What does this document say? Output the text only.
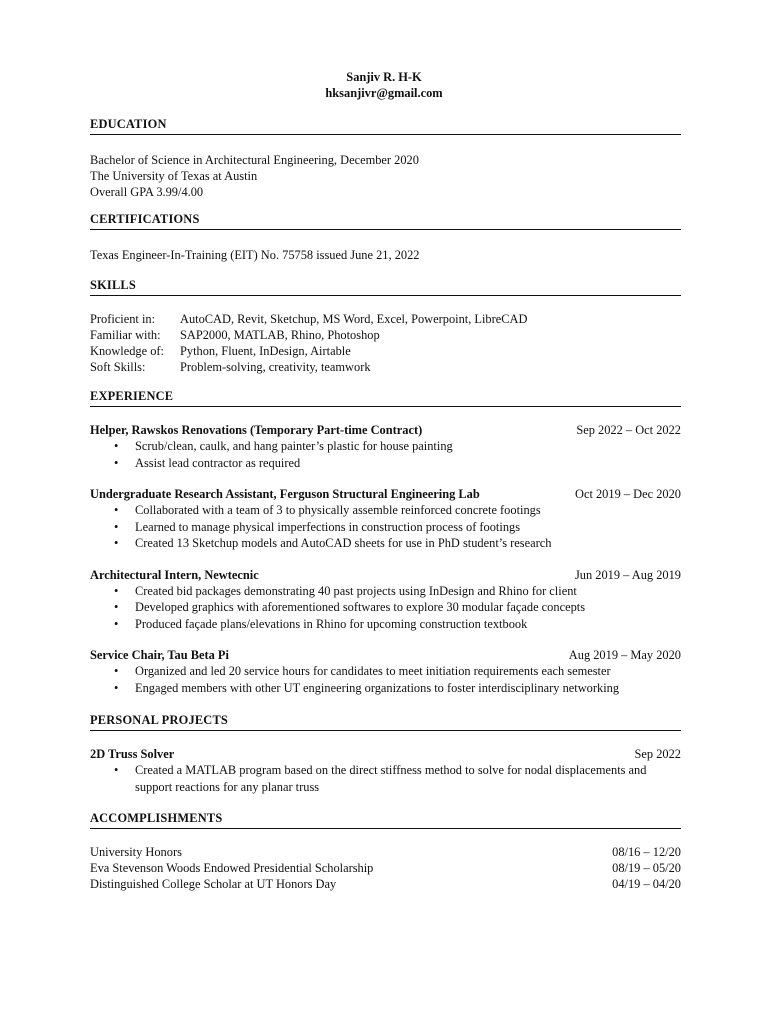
Sanjiv R. H-K
hksanjivr@gmail.com
EDUCATION
Bachelor of Science in Architectural Engineering, December 2020
The University of Texas at Austin
Overall GPA 3.99/4.00
CERTIFICATIONS
Texas Engineer-In-Training (EIT) No. 75758 issued June 21, 2022
SKILLS
Proficient in:	AutoCAD, Revit, Sketchup, MS Word, Excel, Powerpoint, LibreCAD
Familiar with:	SAP2000, MATLAB, Rhino, Photoshop
Knowledge of:	Python, Fluent, InDesign, Airtable
Soft Skills:	Problem-solving, creativity, teamwork
EXPERIENCE
Helper, Rawskos Renovations (Temporary Part-time Contract)	Sep 2022 – Oct 2022
• Scrub/clean, caulk, and hang painter’s plastic for house painting
• Assist lead contractor as required
Undergraduate Research Assistant, Ferguson Structural Engineering Lab	Oct 2019 – Dec 2020
• Collaborated with a team of 3 to physically assemble reinforced concrete footings
• Learned to manage physical imperfections in construction process of footings
• Created 13 Sketchup models and AutoCAD sheets for use in PhD student’s research
Architectural Intern, Newtecnic	Jun 2019 – Aug 2019
• Created bid packages demonstrating 40 past projects using InDesign and Rhino for client
• Developed graphics with aforementioned softwares to explore 30 modular façade concepts
• Produced façade plans/elevations in Rhino for upcoming construction textbook
Service Chair, Tau Beta Pi	Aug 2019 – May 2020
• Organized and led 20 service hours for candidates to meet initiation requirements each semester
• Engaged members with other UT engineering organizations to foster interdisciplinary networking
PERSONAL PROJECTS
2D Truss Solver	Sep 2022
• Created a MATLAB program based on the direct stiffness method to solve for nodal displacements and support reactions for any planar truss
ACCOMPLISHMENTS
University Honors	08/16 – 12/20
Eva Stevenson Woods Endowed Presidential Scholarship	08/19 – 05/20
Distinguished College Scholar at UT Honors Day	04/19 – 04/20
